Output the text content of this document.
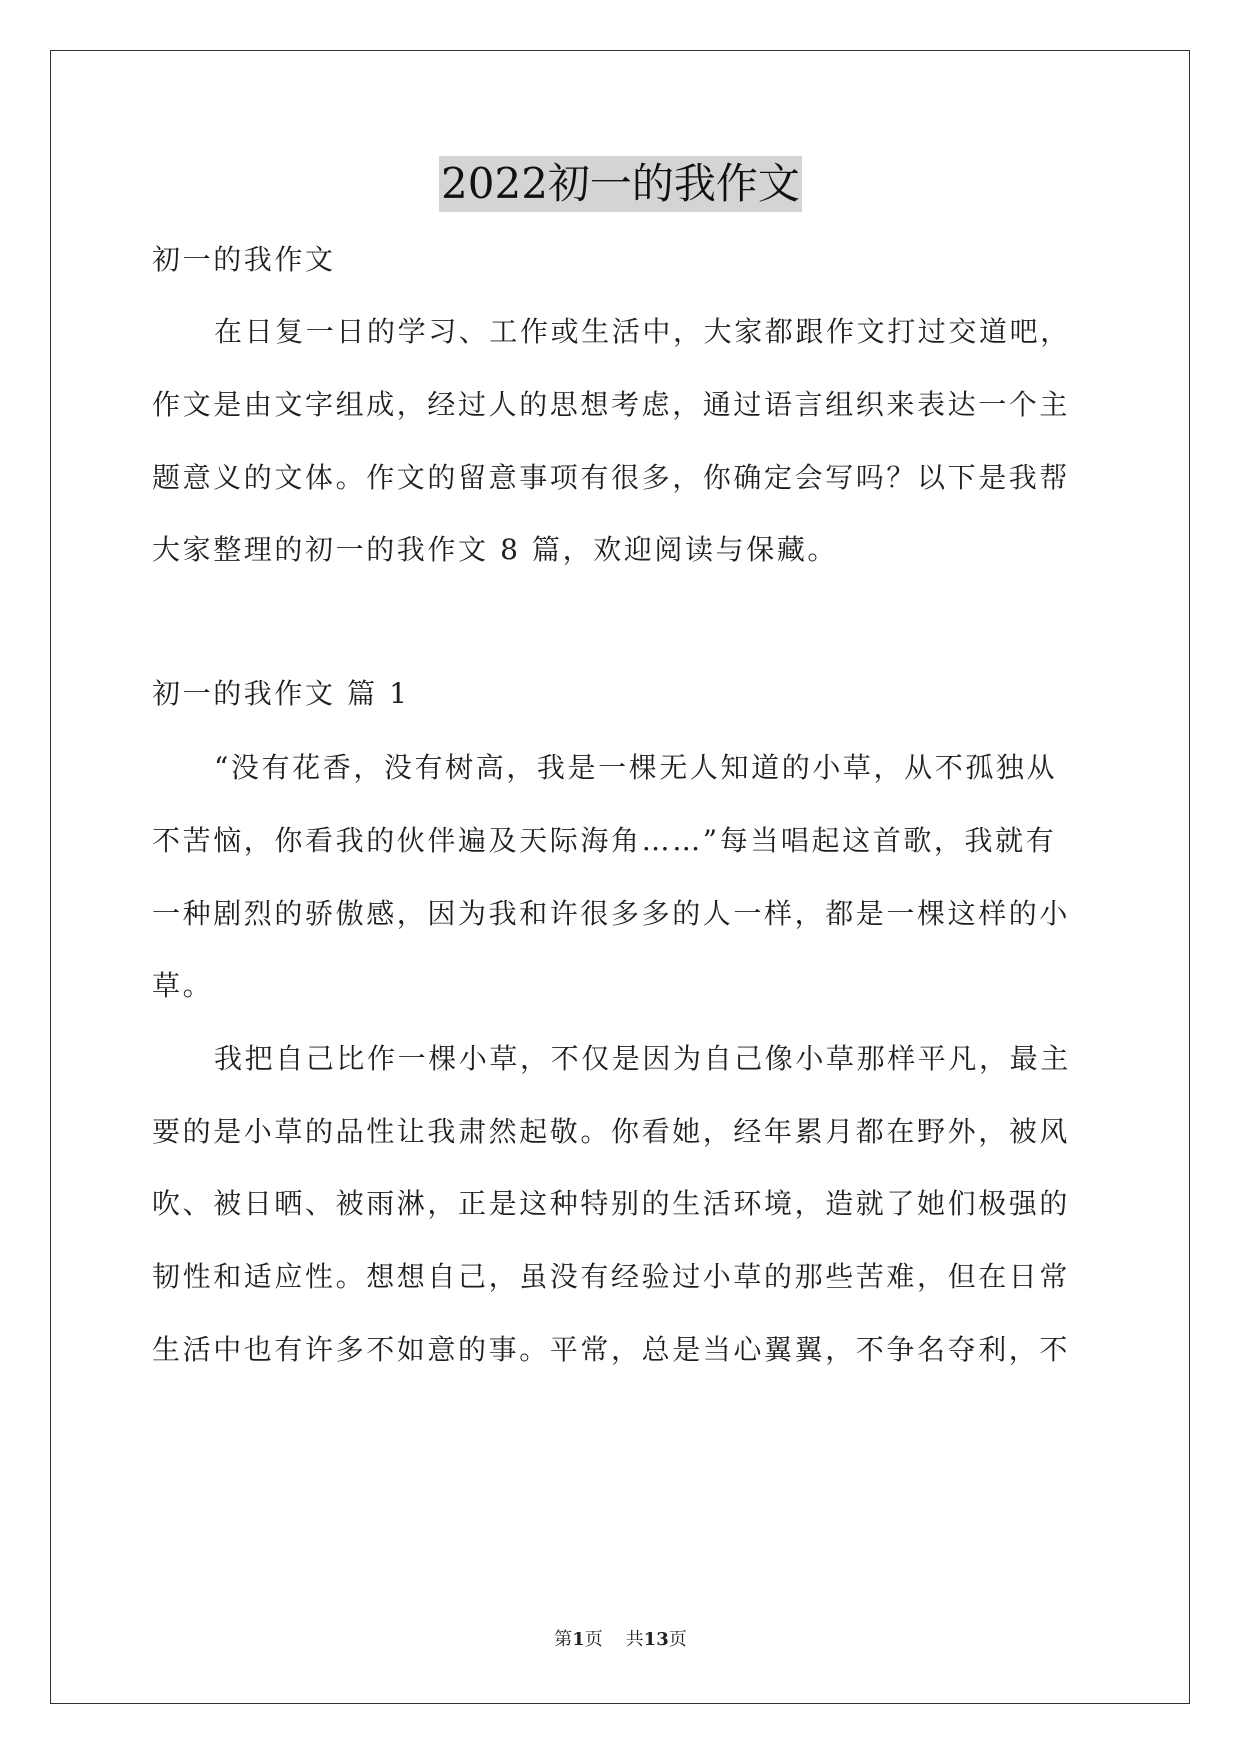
2022初一的我作文
初一的我作文
在日复一日的学习、工作或生活中，大家都跟作文打过交道吧，
作文是由文字组成，经过人的思想考虑，通过语言组织来表达一个主
题意义的文体。作文的留意事项有很多，你确定会写吗？以下是我帮
大家整理的初一的我作文 8 篇，欢迎阅读与保藏。
初一的我作文 篇 1
“没有花香，没有树高，我是一棵无人知道的小草，从不孤独从
不苦恼，你看我的伙伴遍及天际海角……”每当唱起这首歌，我就有
一种剧烈的骄傲感，因为我和许很多多的人一样，都是一棵这样的小
草。
我把自己比作一棵小草，不仅是因为自己像小草那样平凡，最主
要的是小草的品性让我肃然起敬。你看她，经年累月都在野外，被风
吹、被日晒、被雨淋，正是这种特别的生活环境，造就了她们极强的
韧性和适应性。想想自己，虽没有经验过小草的那些苦难，但在日常
生活中也有许多不如意的事。平常，总是当心翼翼，不争名夺利，不
第1页    共13页
